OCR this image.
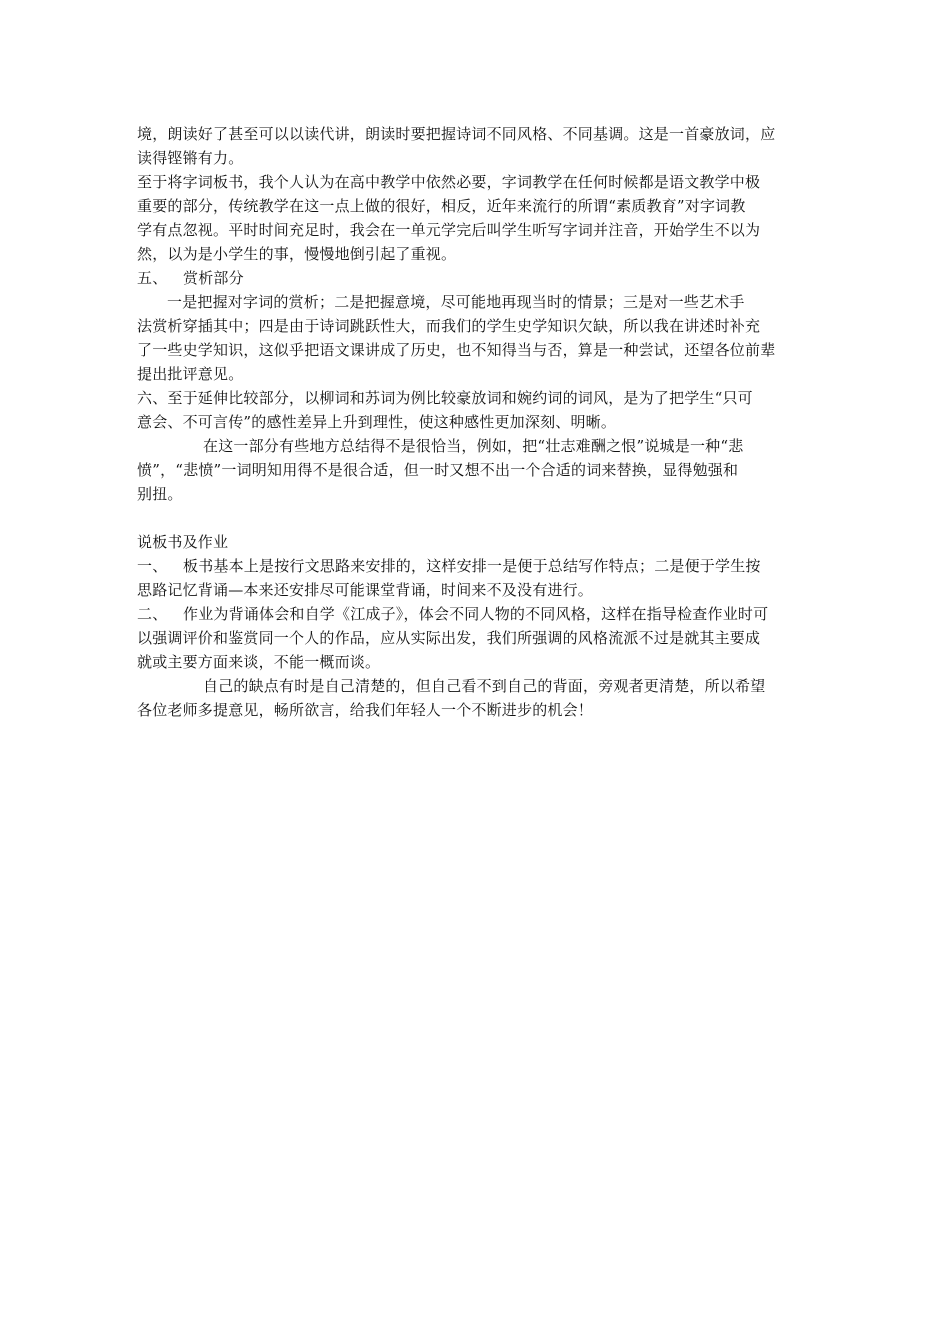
境，朗读好了甚至可以以读代讲，朗读时要把握诗词不同风格、不同基调。这是一首豪放词，应
读得铿锵有力。
至于将字词板书，我个人认为在高中教学中依然必要，字词教学在任何时候都是语文教学中极
重要的部分，传统教学在这一点上做的很好，相反，近年来流行的所谓“素质教育”对字词教
学有点忽视。平时时间充足时，我会在一单元学完后叫学生听写字词并注音，开始学生不以为
然，以为是小学生的事，慢慢地倒引起了重视。
五、 赏析部分
一是把握对字词的赏析；二是把握意境，尽可能地再现当时的情景；三是对一些艺术手
法赏析穿插其中；四是由于诗词跳跃性大，而我们的学生史学知识欠缺，所以我在讲述时补充
了一些史学知识，这似乎把语文课讲成了历史，也不知得当与否，算是一种尝试，还望各位前辈
提出批评意见。
六、至于延伸比较部分，以柳词和苏词为例比较豪放词和婉约词的词风，是为了把学生“只可
意会、不可言传”的感性差异上升到理性，使这种感性更加深刻、明晰。
在这一部分有些地方总结得不是很恰当，例如，把“壮志难酬之恨”说城是一种“悲
愤”，“悲愤”一词明知用得不是很合适，但一时又想不出一个合适的词来替换，显得勉强和
别扭。
说板书及作业
一、 板书基本上是按行文思路来安排的，这样安排一是便于总结写作特点；二是便于学生按
思路记忆背诵—本来还安排尽可能课堂背诵，时间来不及没有进行。
二、 作业为背诵体会和自学《江成子》，体会不同人物的不同风格，这样在指导检查作业时可
以强调评价和鉴赏同一个人的作品，应从实际出发，我们所强调的风格流派不过是就其主要成
就或主要方面来谈，不能一概而谈。
自己的缺点有时是自己清楚的，但自己看不到自己的背面，旁观者更清楚，所以希望
各位老师多提意见，畅所欲言，给我们年轻人一个不断进步的机会！
